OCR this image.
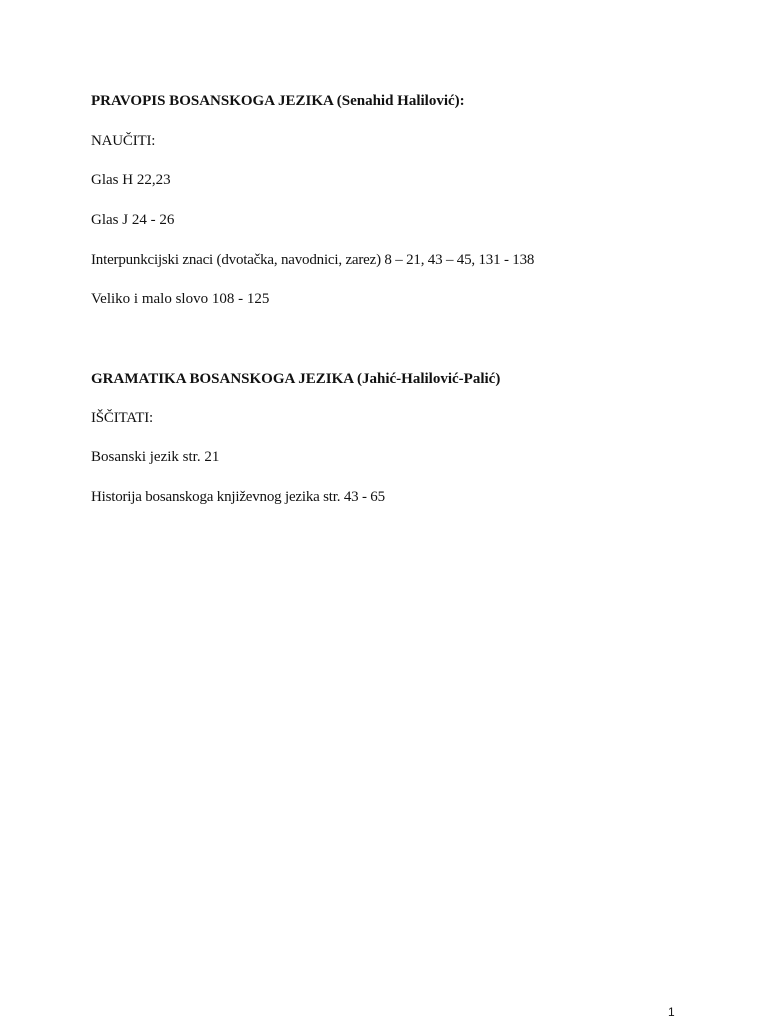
PRAVOPIS BOSANSKOGA JEZIKA (Senahid Halilović):
NAUČITI:
Glas H 22,23
Glas J 24 - 26
Interpunkcijski znaci (dvotačka, navodnici, zarez) 8 – 21, 43 – 45, 131 - 138
Veliko i malo slovo 108 - 125
GRAMATIKA BOSANSKOGA JEZIKA (Jahić-Halilović-Palić)
IŠČITATI:
Bosanski jezik str. 21
Historija bosanskoga književnog jezika str. 43 - 65
1
